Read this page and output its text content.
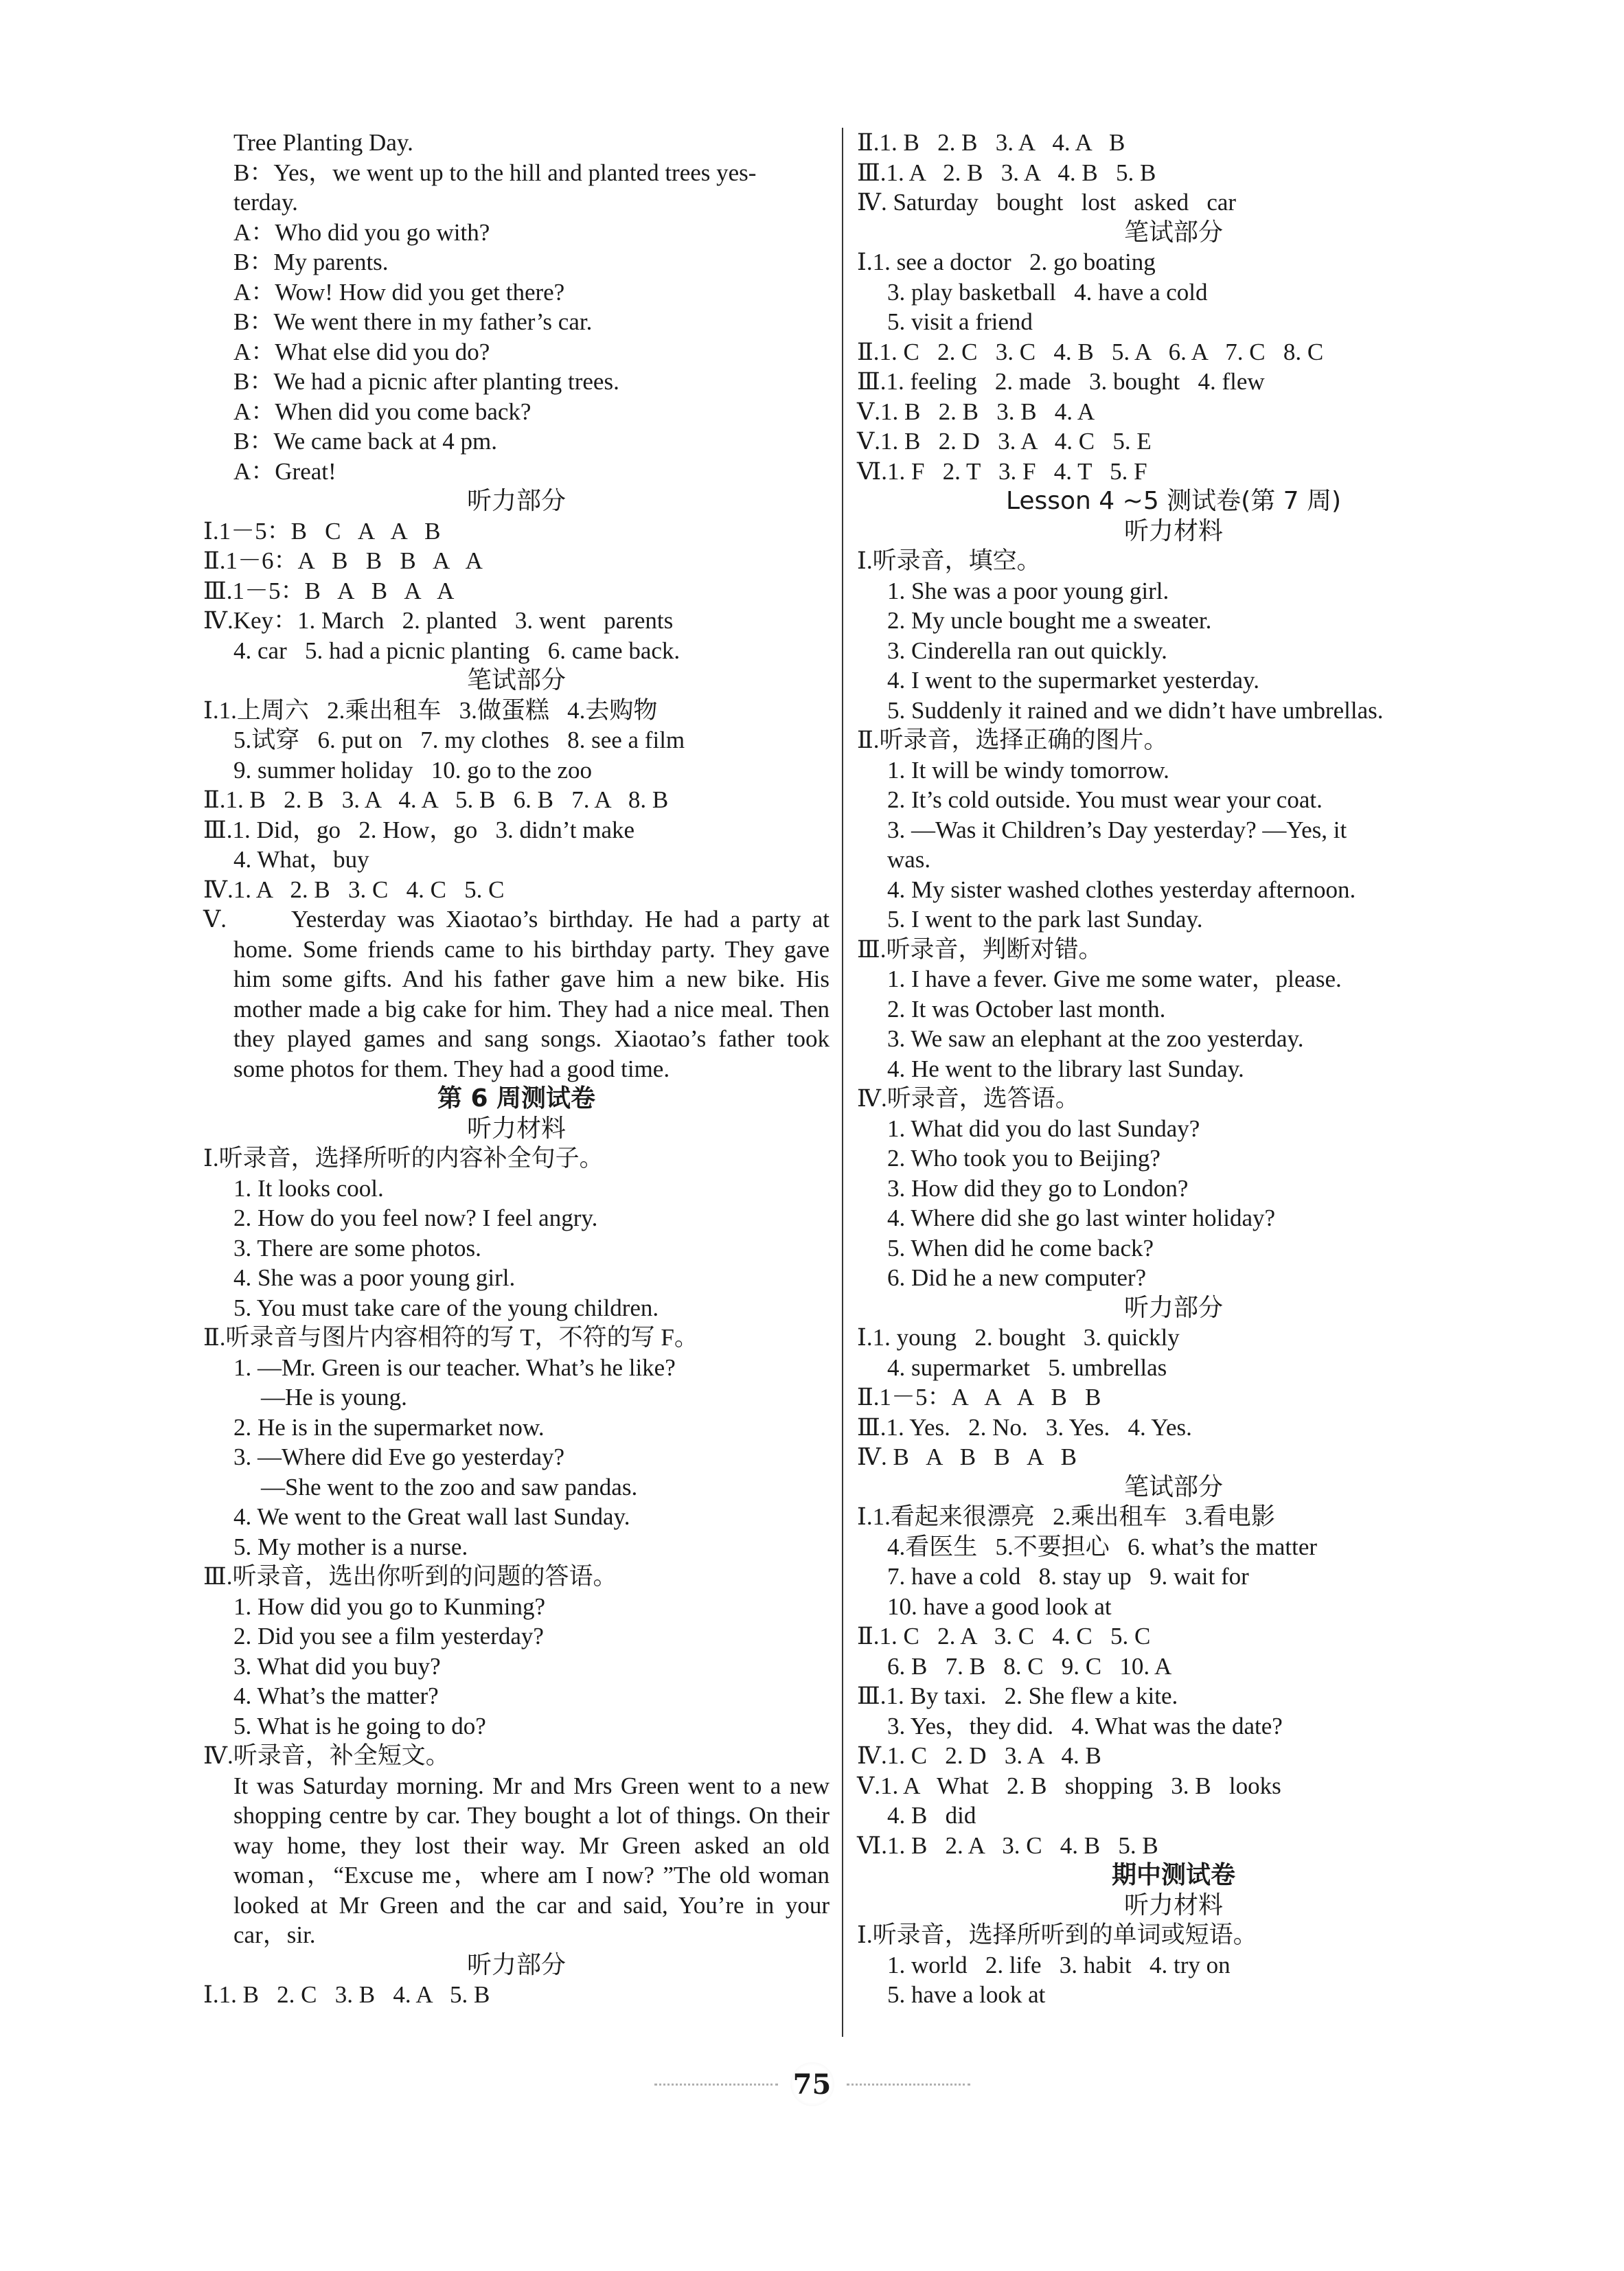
Tree Planting Day.
B：Yes，we went up to the hill and planted trees yes-
terday.
A：Who did you go with?
B：My parents.
A：Wow! How did you get there?
B：We went there in my father’s car.
A：What else did you do?
B：We had a picnic after planting trees.
A：When did you come back?
B：We came back at 4 pm.
A：Great!
听力部分
Ⅰ.1－5：B   C   A   A   B
Ⅱ.1－6：A   B   B   B   A   A
Ⅲ.1－5：B   A   B   A   A
Ⅳ.Key：1. March   2. planted   3. went   parents
4. car   5. had a picnic planting   6. came back.
笔试部分
Ⅰ.1.上周六   2.乘出租车   3.做蛋糕   4.去购物
5.试穿   6. put on   7. my clothes   8. see a film
9. summer holiday   10. go to the zoo
Ⅱ.1. B   2. B   3. A   4. A   5. B   6. B   7. A   8. B
Ⅲ.1. Did，go   2. How，go   3. didn’t make
4. What，buy
Ⅳ.1. A   2. B   3. C   4. C   5. C
Ⅴ.	Yesterday was Xiaotao’s birthday. He had a party at home. Some friends came to his birthday party. They gave him some gifts. And his father gave him a new bike. His mother made a big cake for him. They had a nice meal. Then they played games and sang songs. Xiaotao’s father took some photos for them. They had a good time.
第 6 周测试卷
听力材料
Ⅰ.听录音，选择所听的内容补全句子。
1. It looks cool.
2. How do you feel now? I feel angry.
3. There are some photos.
4. She was a poor young girl.
5. You must take care of the young children.
Ⅱ.听录音与图片内容相符的写 T，不符的写 F。
1. —Mr. Green is our teacher. What’s he like?
—He is young.
2. He is in the supermarket now.
3. —Where did Eve go yesterday?
—She went to the zoo and saw pandas.
4. We went to the Great wall last Sunday.
5. My mother is a nurse.
Ⅲ.听录音，选出你听到的问题的答语。
1. How did you go to Kunming?
2. Did you see a film yesterday?
3. What did you buy?
4. What’s the matter?
5. What is he going to do?
Ⅳ.听录音，补全短文。
It was Saturday morning. Mr and Mrs Green went to a new shopping centre by car. They bought a lot of things. On their way home, they lost their way. Mr Green asked an old woman，“Excuse me，where am I now? ”The old woman looked at Mr Green and the car and said, You’re in your car，sir.
听力部分
Ⅰ.1. B   2. C   3. B   4. A   5. B
Ⅱ.1. B   2. B   3. A   4. A   B
Ⅲ.1. A   2. B   3. A   4. B   5. B
Ⅳ. Saturday   bought   lost   asked   car
笔试部分
Ⅰ.1. see a doctor   2. go boating
3. play basketball   4. have a cold
5. visit a friend
Ⅱ.1. C   2. C   3. C   4. B   5. A   6. A   7. C   8. C
Ⅲ.1. feeling   2. made   3. bought   4. flew
Ⅴ.1. B   2. B   3. B   4. A
Ⅴ.1. B   2. D   3. A   4. C   5. E
Ⅵ.1. F   2. T   3. F   4. T   5. F
Lesson 4 ~5 测试卷(第 7 周)
听力材料
Ⅰ.听录音，填空。
1. She was a poor young girl.
2. My uncle bought me a sweater.
3. Cinderella ran out quickly.
4. I went to the supermarket yesterday.
5. Suddenly it rained and we didn’t have umbrellas.
Ⅱ.听录音，选择正确的图片。
1. It will be windy tomorrow.
2. It’s cold outside. You must wear your coat.
3. —Was it Children’s Day yesterday? —Yes, it
was.
4. My sister washed clothes yesterday afternoon.
5. I went to the park last Sunday.
Ⅲ.听录音，判断对错。
1. I have a fever. Give me some water，please.
2. It was October last month.
3. We saw an elephant at the zoo yesterday.
4. He went to the library last Sunday.
Ⅳ.听录音，选答语。
1. What did you do last Sunday?
2. Who took you to Beijing?
3. How did they go to London?
4. Where did she go last winter holiday?
5. When did he come back?
6. Did he a new computer?
听力部分
Ⅰ.1. young   2. bought   3. quickly
4. supermarket   5. umbrellas
Ⅱ.1－5：A   A   A   B   B
Ⅲ.1. Yes.   2. No.   3. Yes.   4. Yes.
Ⅳ. B   A   B   B   A   B
笔试部分
Ⅰ.1.看起来很漂亮   2.乘出租车   3.看电影
4.看医生   5.不要担心   6. what’s the matter
7. have a cold   8. stay up   9. wait for
10. have a good look at
Ⅱ.1. C   2. A   3. C   4. C   5. C
6. B   7. B   8. C   9. C   10. A
Ⅲ.1. By taxi.   2. She flew a kite.
3. Yes，they did.   4. What was the date?
Ⅳ.1. C   2. D   3. A   4. B
Ⅴ.1. A   What   2. B   shopping   3. B   looks
4. B   did
Ⅵ.1. B   2. A   3. C   4. B   5. B
期中测试卷
听力材料
Ⅰ.听录音，选择所听到的单词或短语。
1. world   2. life   3. habit   4. try on
5. have a look at
75
